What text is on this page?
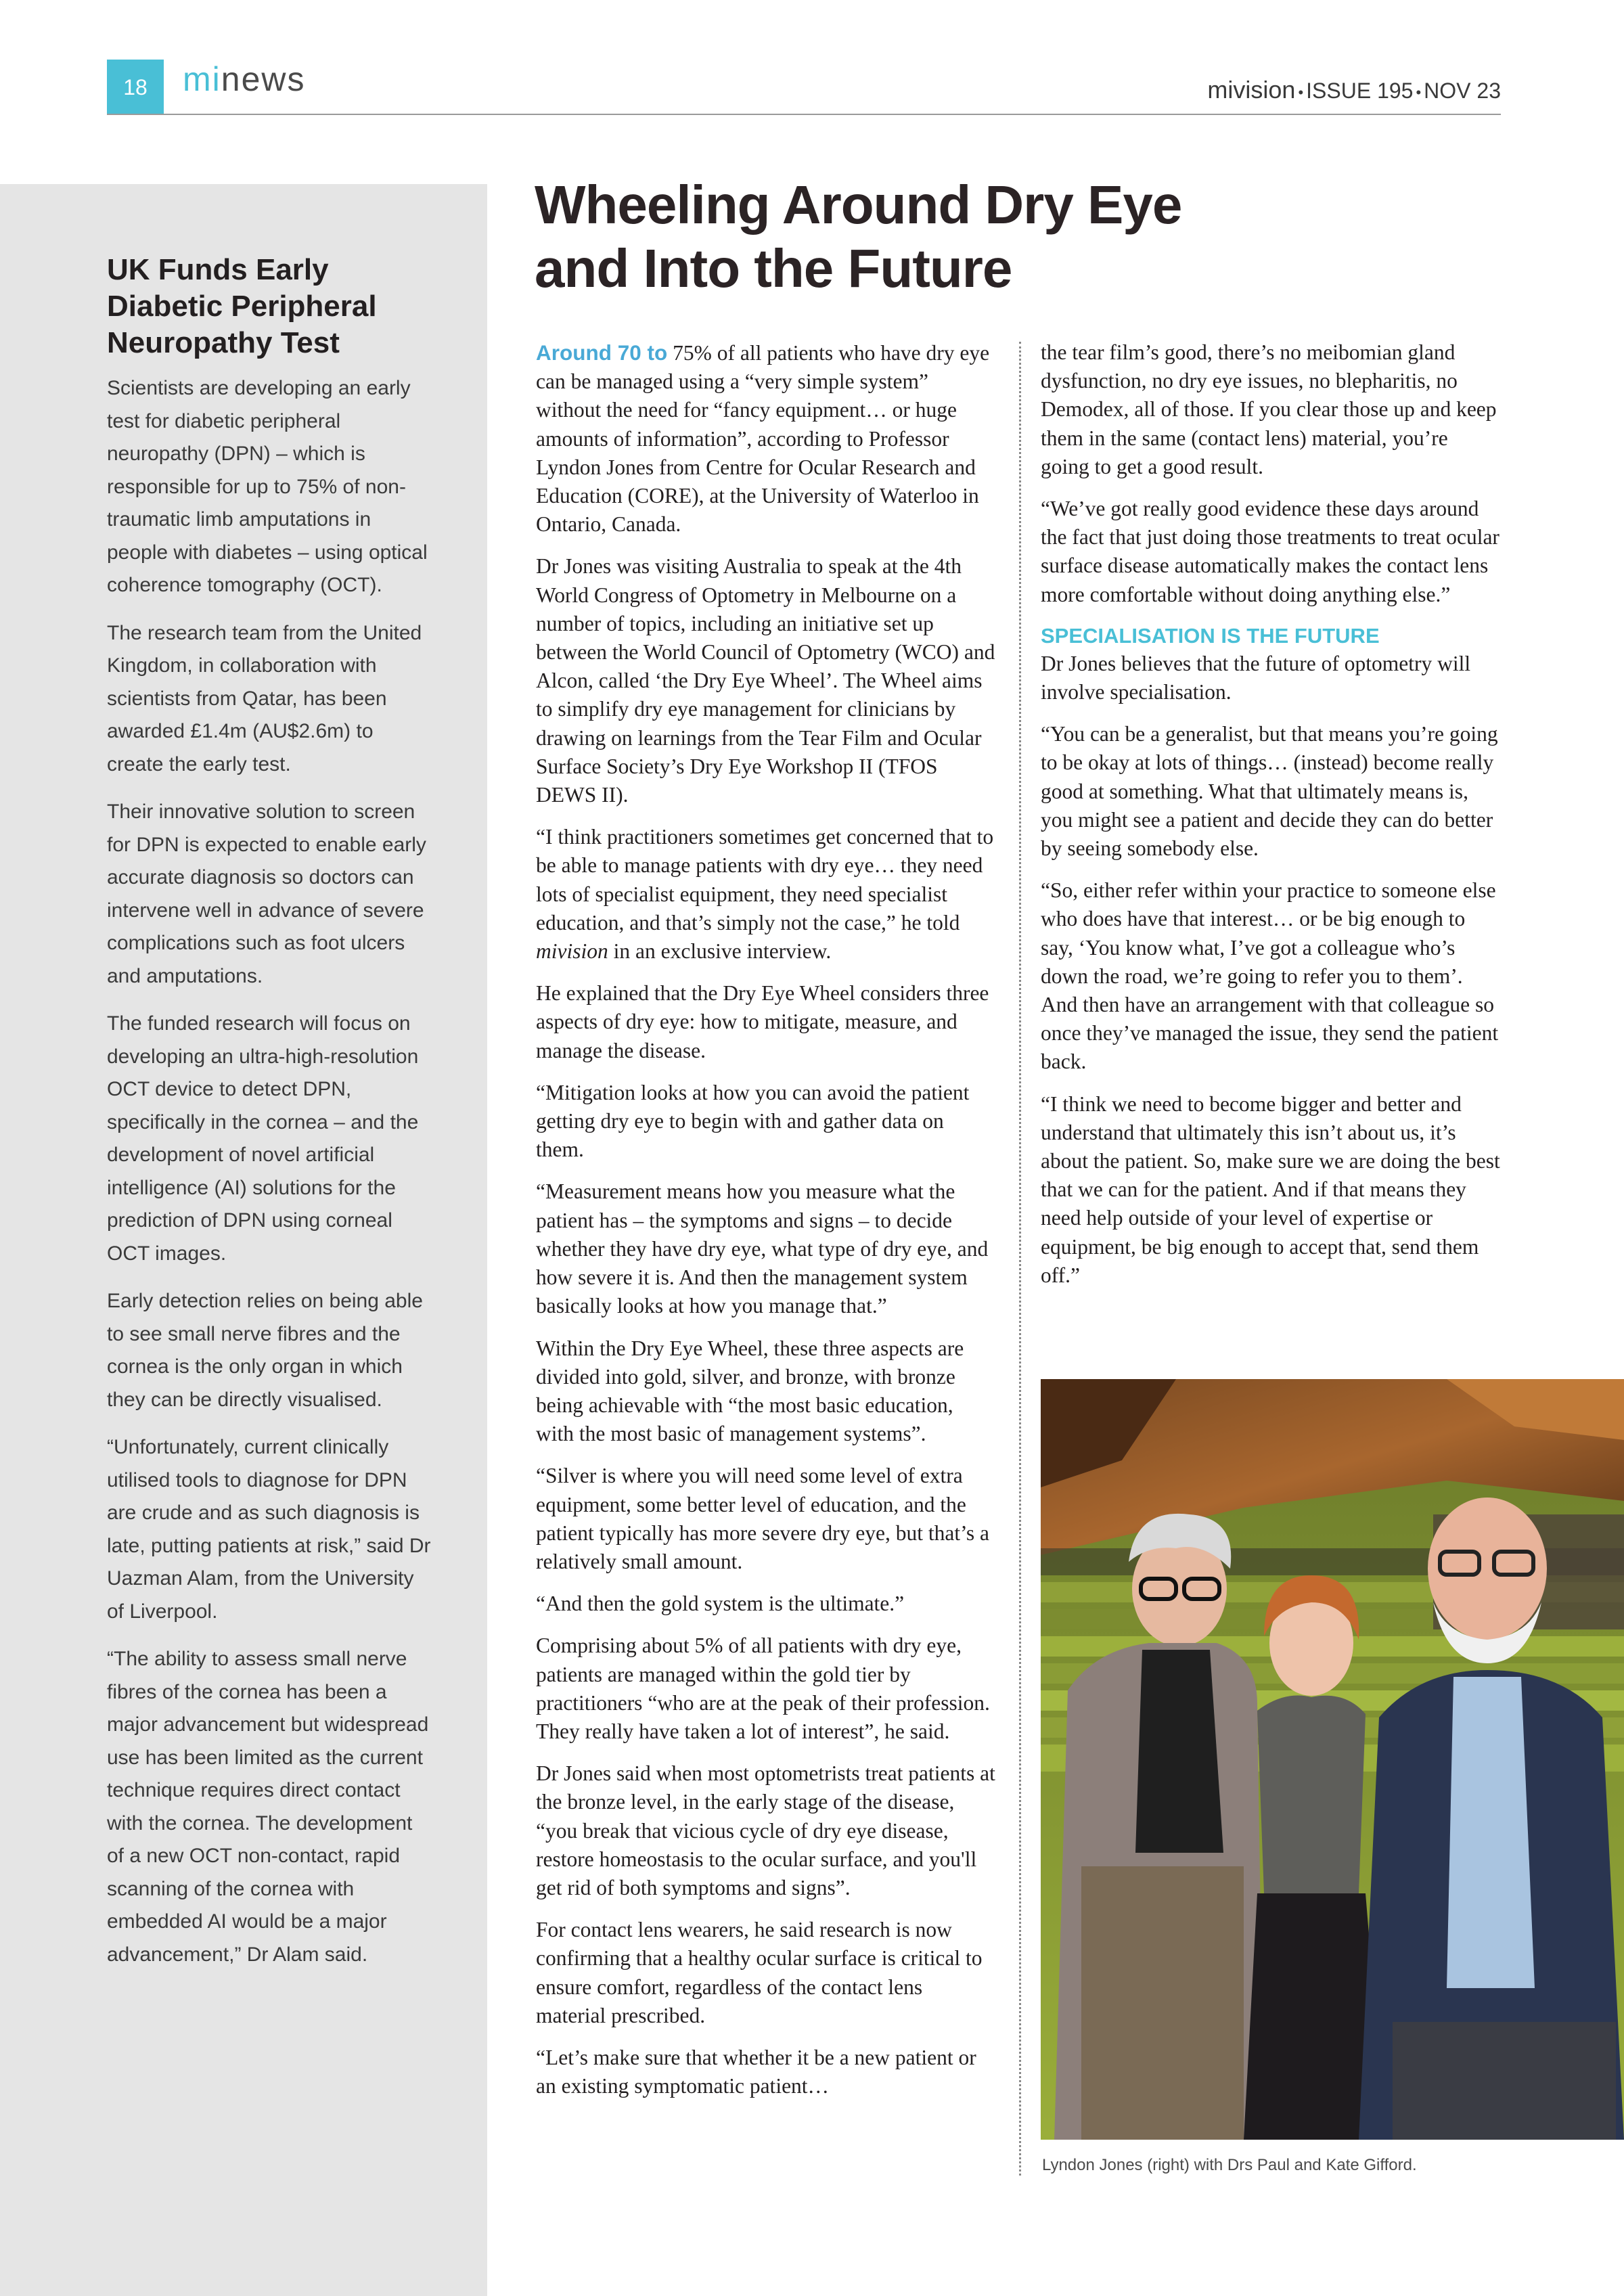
18	minews	mivision • ISSUE 195 • NOV 23
UK Funds Early Diabetic Peripheral Neuropathy Test

Scientists are developing an early test for diabetic peripheral neuropathy (DPN) – which is responsible for up to 75% of non-traumatic limb amputations in people with diabetes – using optical coherence tomography (OCT).

The research team from the United Kingdom, in collaboration with scientists from Qatar, has been awarded £1.4m (AU$2.6m) to create the early test.

Their innovative solution to screen for DPN is expected to enable early accurate diagnosis so doctors can intervene well in advance of severe complications such as foot ulcers and amputations.

The funded research will focus on developing an ultra-high-resolution OCT device to detect DPN, specifically in the cornea – and the development of novel artificial intelligence (AI) solutions for the prediction of DPN using corneal OCT images.

Early detection relies on being able to see small nerve fibres and the cornea is the only organ in which they can be directly visualised.

“Unfortunately, current clinically utilised tools to diagnose for DPN are crude and as such diagnosis is late, putting patients at risk,” said Dr Uazman Alam, from the University of Liverpool.

“The ability to assess small nerve fibres of the cornea has been a major advancement but widespread use has been limited as the current technique requires direct contact with the cornea. The development of a new OCT non-contact, rapid scanning of the cornea with embedded AI would be a major advancement,” Dr Alam said.

Wheeling Around Dry Eye
and Into the Future

Around 70 to 75% of all patients who have dry eye can be managed using a “very simple system” without the need for “fancy equipment… or huge amounts of information”, according to Professor Lyndon Jones from Centre for Ocular Research and Education (CORE), at the University of Waterloo in Ontario, Canada.

Dr Jones was visiting Australia to speak at the 4th World Congress of Optometry in Melbourne on a number of topics, including an initiative set up between the World Council of Optometry (WCO) and Alcon, called ‘the Dry Eye Wheel’. The Wheel aims to simplify dry eye management for clinicians by drawing on learnings from the Tear Film and Ocular Surface Society’s Dry Eye Workshop II (TFOS DEWS II).

“I think practitioners sometimes get concerned that to be able to manage patients with dry eye… they need lots of specialist equipment, they need specialist education, and that’s simply not the case,” he told mivision in an exclusive interview.

He explained that the Dry Eye Wheel considers three aspects of dry eye: how to mitigate, measure, and manage the disease.

“Mitigation looks at how you can avoid the patient getting dry eye to begin with and gather data on them.

“Measurement means how you measure what the patient has – the symptoms and signs – to decide whether they have dry eye, what type of dry eye, and how severe it is. And then the management system basically looks at how you manage that.”

Within the Dry Eye Wheel, these three aspects are divided into gold, silver, and bronze, with bronze being achievable with “the most basic education, with the most basic of management systems”.

“Silver is where you will need some level of extra equipment, some better level of education, and the patient typically has more severe dry eye, but that’s a relatively small amount.

“And then the gold system is the ultimate.”

Comprising about 5% of all patients with dry eye, patients are managed within the gold tier by practitioners “who are at the peak of their profession. They really have taken a lot of interest”, he said.

Dr Jones said when most optometrists treat patients at the bronze level, in the early stage of the disease, “you break that vicious cycle of dry eye disease, restore homeostasis to the ocular surface, and you'll get rid of both symptoms and signs”.

For contact lens wearers, he said research is now confirming that a healthy ocular surface is critical to ensure comfort, regardless of the contact lens material prescribed.

“Let’s make sure that whether it be a new patient or an existing symptomatic patient…

the tear film’s good, there’s no meibomian gland dysfunction, no dry eye issues, no blepharitis, no Demodex, all of those. If you clear those up and keep them in the same (contact lens) material, you’re going to get a good result.

“We’ve got really good evidence these days around the fact that just doing those treatments to treat ocular surface disease automatically makes the contact lens more comfortable without doing anything else.”

SPECIALISATION IS THE FUTURE

Dr Jones believes that the future of optometry will involve specialisation.

“You can be a generalist, but that means you’re going to be okay at lots of things… (instead) become really good at something. What that ultimately means is, you might see a patient and decide they can do better by seeing somebody else.

“So, either refer within your practice to someone else who does have that interest… or be big enough to say, ‘You know what, I’ve got a colleague who’s down the road, we’re going to refer you to them’. And then have an arrangement with that colleague so once they’ve managed the issue, they send the patient back.

“I think we need to become bigger and better and understand that ultimately this isn’t about us, it’s about the patient. So, make sure we are doing the best that we can for the patient. And if that means they need help outside of your level of expertise or equipment, be big enough to accept that, send them off.”

Lyndon Jones (right) with Drs Paul and Kate Gifford.
